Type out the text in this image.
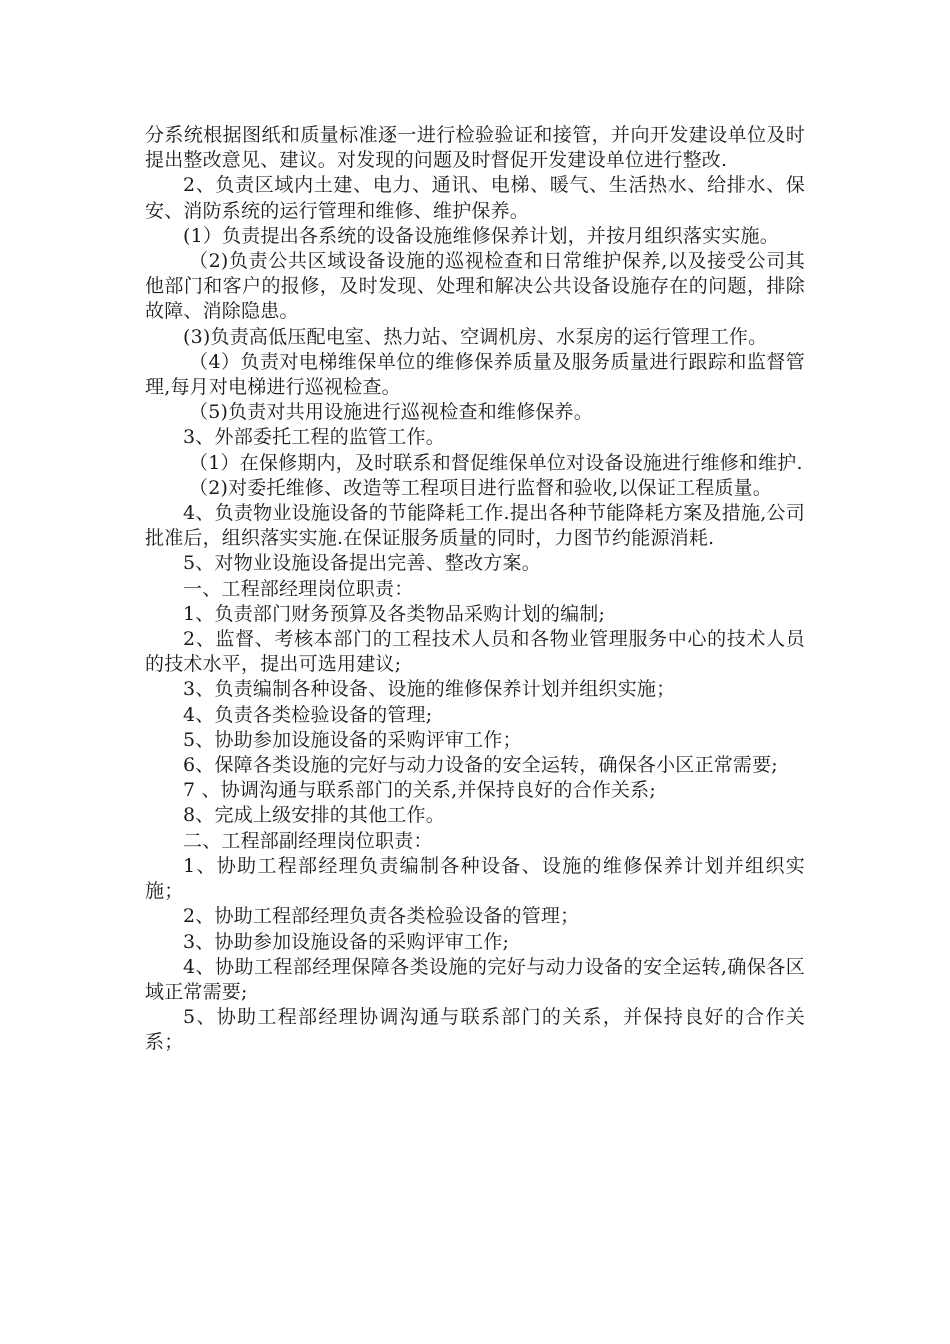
分系统根据图纸和质量标准逐一进行检验验证和接管，并向开发建设单位及时提出整改意见、建议。对发现的问题及时督促开发建设单位进行整改.

2、负责区域内土建、电力、通讯、电梯、暖气、生活热水、给排水、保安、消防系统的运行管理和维修、维护保养。

(1）负责提出各系统的设备设施维修保养计划，并按月组织落实实施。

（2)负责公共区域设备设施的巡视检查和日常维护保养,以及接受公司其他部门和客户的报修，及时发现、处理和解决公共设备设施存在的问题，排除故障、消除隐患。

(3)负责高低压配电室、热力站、空调机房、水泵房的运行管理工作。

（4）负责对电梯维保单位的维修保养质量及服务质量进行跟踪和监督管理,每月对电梯进行巡视检查。

（5)负责对共用设施进行巡视检查和维修保养。

3、外部委托工程的监管工作。

（1）在保修期内，及时联系和督促维保单位对设备设施进行维修和维护.

（2)对委托维修、改造等工程项目进行监督和验收,以保证工程质量。

4、负责物业设施设备的节能降耗工作.提出各种节能降耗方案及措施,公司批准后，组织落实实施.在保证服务质量的同时，力图节约能源消耗.

5、对物业设施设备提出完善、整改方案。

一、工程部经理岗位职责：

1、负责部门财务预算及各类物品采购计划的编制;

2、监督、考核本部门的工程技术人员和各物业管理服务中心的技术人员的技术水平，提出可选用建议;

3、负责编制各种设备、设施的维修保养计划并组织实施；

4、负责各类检验设备的管理;

5、协助参加设施设备的采购评审工作；

6、保障各类设施的完好与动力设备的安全运转，确保各小区正常需要;

7 、协调沟通与联系部门的关系,并保持良好的合作关系;

8、完成上级安排的其他工作。

二、工程部副经理岗位职责：

1、协助工程部经理负责编制各种设备、设施的维修保养计划并组织实施；

2、协助工程部经理负责各类检验设备的管理；

3、协助参加设施设备的采购评审工作;

4、协助工程部经理保障各类设施的完好与动力设备的安全运转,确保各区域正常需要;

5、协助工程部经理协调沟通与联系部门的关系，并保持良好的合作关系；
